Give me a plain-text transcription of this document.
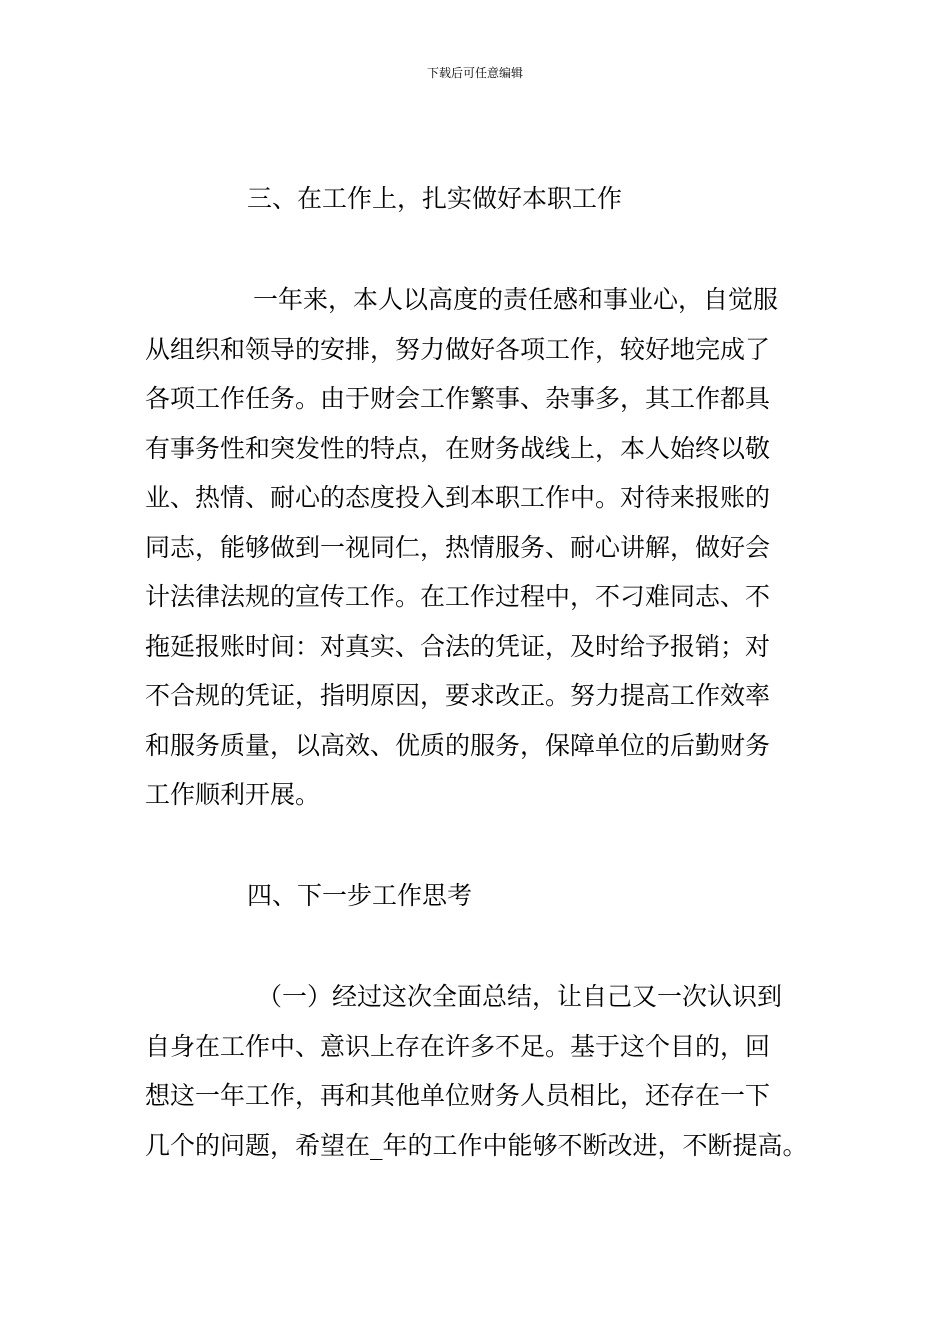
下载后可任意编辑
三、在工作上，扎实做好本职工作
一年来，本人以高度的责任感和事业心，自觉服
从组织和领导的安排，努力做好各项工作，较好地完成了
各项工作任务。由于财会工作繁事、杂事多，其工作都具
有事务性和突发性的特点，在财务战线上，本人始终以敬
业、热情、耐心的态度投入到本职工作中。对待来报账的
同志，能够做到一视同仁，热情服务、耐心讲解，做好会
计法律法规的宣传工作。在工作过程中，不刁难同志、不
拖延报账时间：对真实、合法的凭证，及时给予报销；对
不合规的凭证，指明原因，要求改正。努力提高工作效率
和服务质量，以高效、优质的服务，保障单位的后勤财务
工作顺利开展。
四、下一步工作思考
（一）经过这次全面总结，让自己又一次认识到
自身在工作中、意识上存在许多不足。基于这个目的，回
想这一年工作，再和其他单位财务人员相比，还存在一下
几个的问题，希望在_年的工作中能够不断改进，不断提高。
